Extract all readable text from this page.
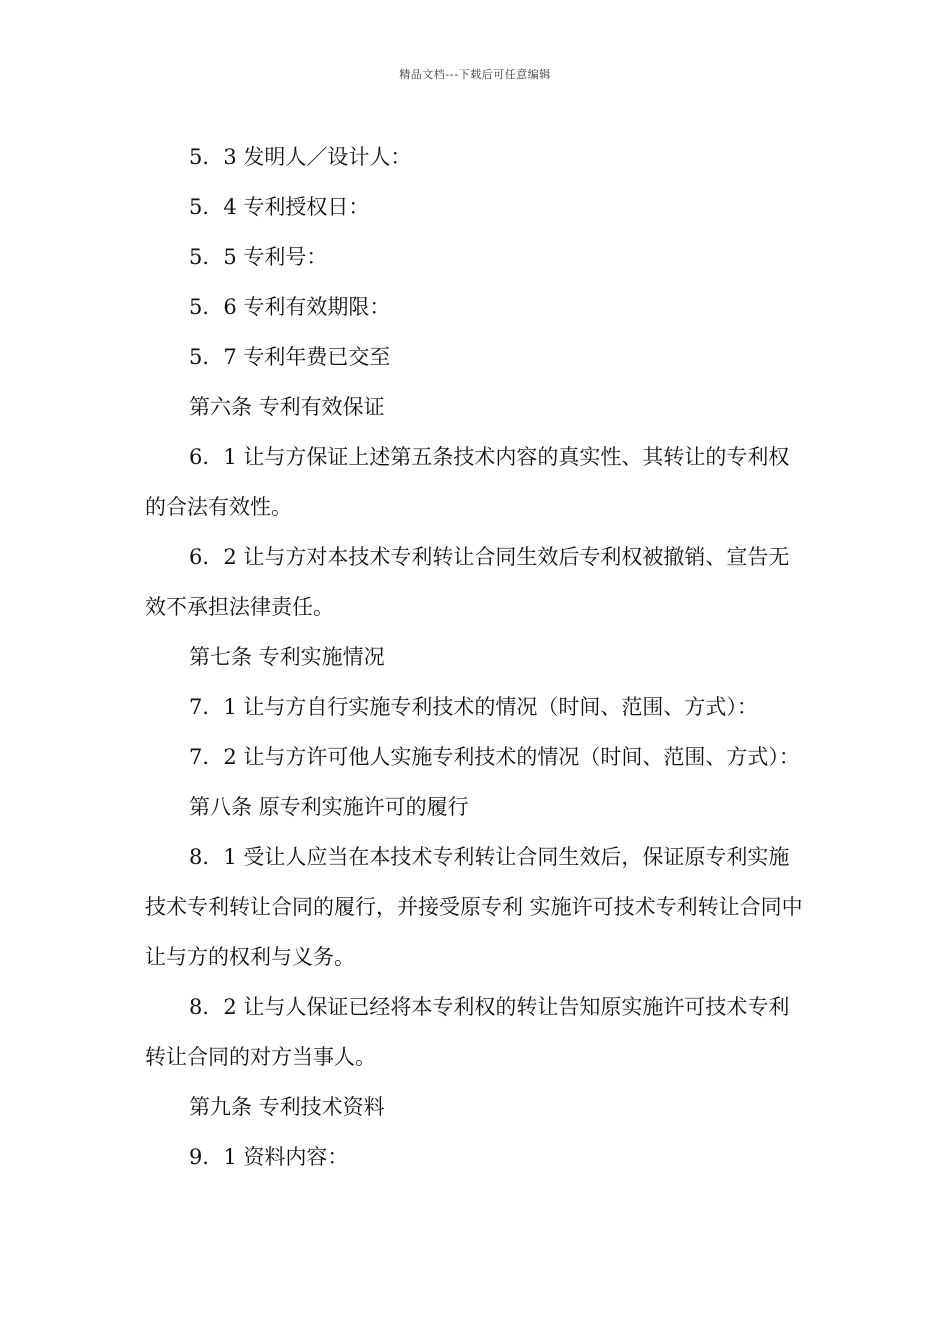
精品文档---下载后可任意编辑

5．3 发明人／设计人：

5．4 专利授权日：

5．5 专利号：

5．6 专利有效期限：

5．7 专利年费已交至

第六条 专利有效保证

6．1 让与方保证上述第五条技术内容的真实性、其转让的专利权的合法有效性。

6．2 让与方对本技术专利转让合同生效后专利权被撤销、宣告无效不承担法律责任。

第七条 专利实施情况

7．1 让与方自行实施专利技术的情况（时间、范围、方式）：

7．2 让与方许可他人实施专利技术的情况（时间、范围、方式）：

第八条 原专利实施许可的履行

8．1 受让人应当在本技术专利转让合同生效后，保证原专利实施技术专利转让合同的履行，并接受原专利 实施许可技术专利转让合同中让与方的权利与义务。

8．2 让与人保证已经将本专利权的转让告知原实施许可技术专利转让合同的对方当事人。

第九条 专利技术资料

9．1 资料内容：
